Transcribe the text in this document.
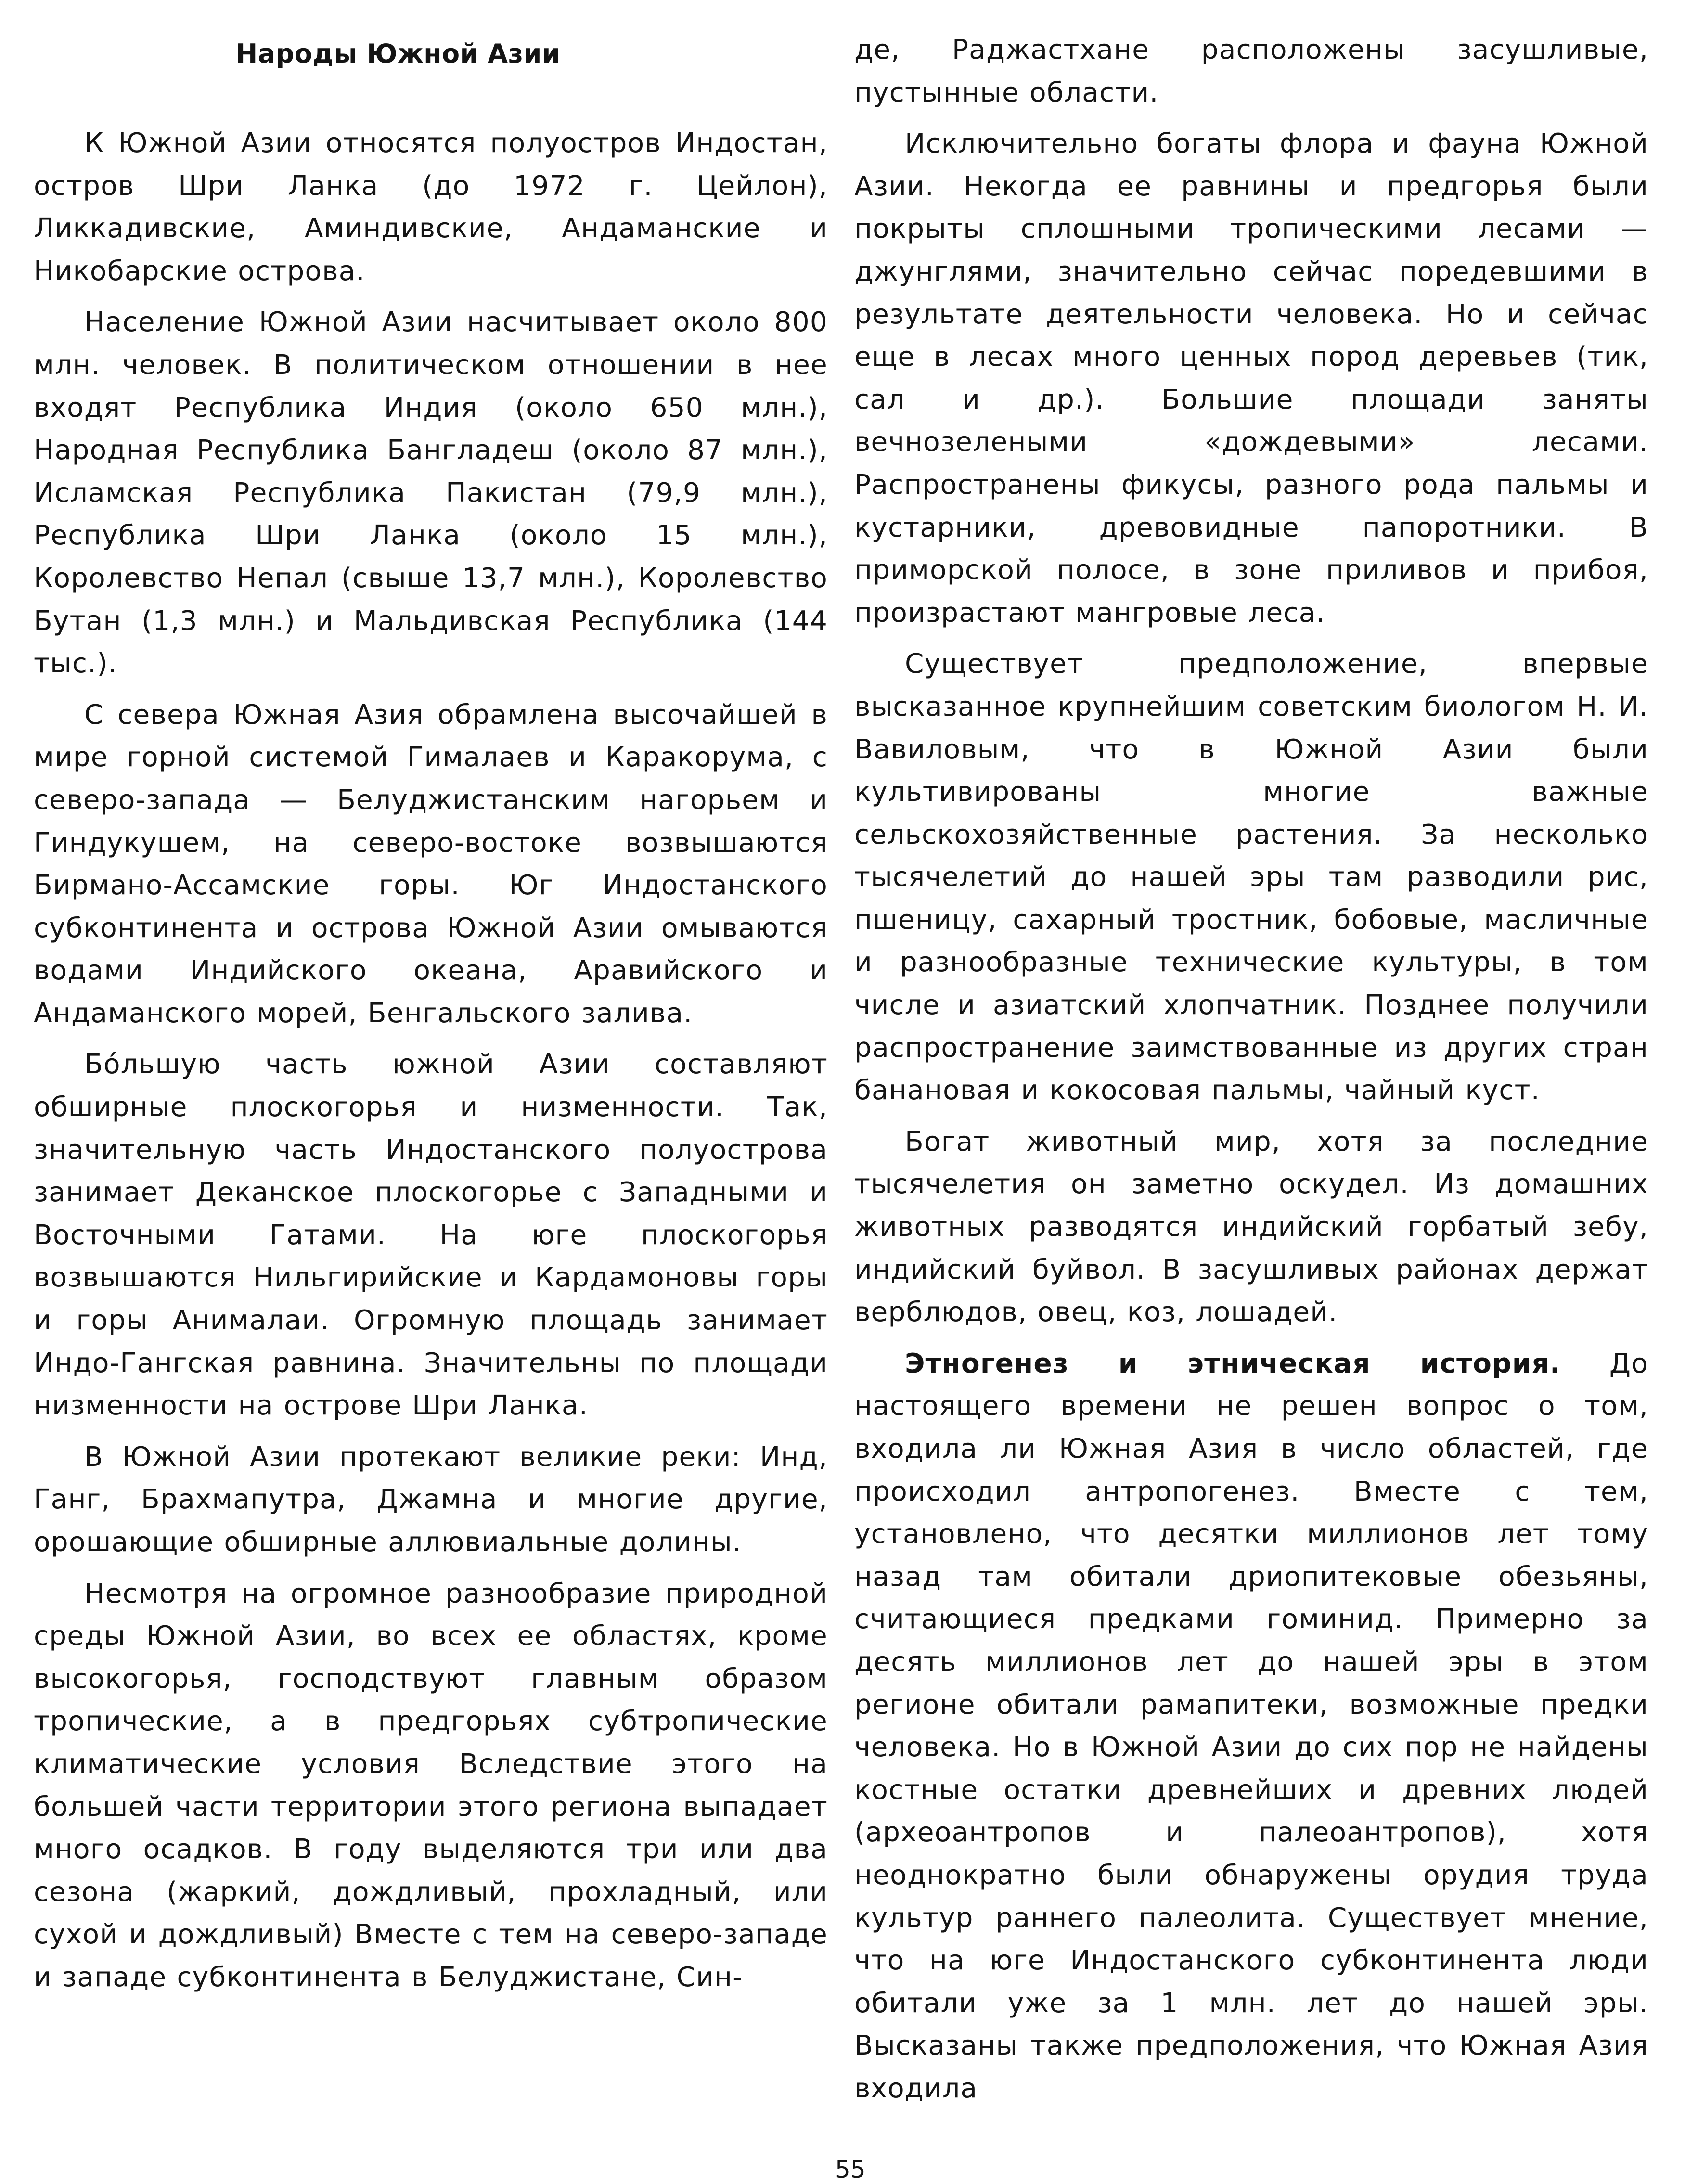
Народы Южной Азии

К Южной Азии относятся полуостров Индостан, остров Шри Ланка (до 1972 г. Цейлон), Ликкадивские, Аминдивские, Андаманские и Никобарские острова.

Население Южной Азии насчитывает около 800 млн. человек. В политическом отношении в нее входят Республика Индия (около 650 млн.), Народная Республика Бангладеш (около 87 млн.), Исламская Республика Пакистан (79,9 млн.), Республика Шри Ланка (около 15 млн.), Королевство Непал (свыше 13,7 млн.), Королевство Бутан (1,3 млн.) и Мальдивская Республика (144 тыс.).

С севера Южная Азия обрамлена высочайшей в мире горной системой Гималаев и Каракорума, с северо-запада — Белуджистанским нагорьем и Гиндукушем, на северо-востоке возвышаются Бирмано-Ассамские горы. Юг Индостанского субконтинента и острова Южной Азии омываются водами Индийского океана, Аравийского и Андаманского морей, Бенгальского залива.

Бóльшую часть южной Азии составляют обширные плоскогорья и низменности. Так, значительную часть Индостанского полуострова занимает Деканское плоскогорье с Западными и Восточными Гатами. На юге плоскогорья возвышаются Нильгирийские и Кардамоновы горы и горы Анималаи. Огромную площадь занимает Индо-Гангская равнина. Значительны по площади низменности на острове Шри Ланка.

В Южной Азии протекают великие реки: Инд, Ганг, Брахмапутра, Джамна и многие другие, орошающие обширные аллювиальные долины.

Несмотря на огромное разнообразие природной среды Южной Азии, во всех ее областях, кроме высокогорья, господствуют главным образом тропические, а в предгорьях субтропические климатические условия Вследствие этого на большей части территории этого региона выпадает много осадков. В году выделяются три или два сезона (жаркий, дождливый, прохладный, или сухой и дождливый) Вместе с тем на северо-западе и западе субконтинента в Белуджистане, Син-

де, Раджастхане расположены засушливые, пустынные области.

Исключительно богаты флора и фауна Южной Азии. Некогда ее равнины и предгорья были покрыты сплошными тропическими лесами — джунглями, значительно сейчас поредевшими в результате деятельности человека. Но и сейчас еще в лесах много ценных пород деревьев (тик, сал и др.). Большие площади заняты вечнозелеными «дождевыми» лесами. Распространены фикусы, разного рода пальмы и кустарники, древовидные папоротники. В приморской полосе, в зоне приливов и прибоя, произрастают мангровые леса.

Существует предположение, впервые высказанное крупнейшим советским биологом Н. И. Вавиловым, что в Южной Азии были культивированы многие важные сельскохозяйственные растения. За несколько тысячелетий до нашей эры там разводили рис, пшеницу, сахарный тростник, бобовые, масличные и разнообразные технические культуры, в том числе и азиатский хлопчатник. Позднее получили распространение заимствованные из других стран банановая и кокосовая пальмы, чайный куст.

Богат животный мир, хотя за последние тысячелетия он заметно оскудел. Из домашних животных разводятся индийский горбатый зебу, индийский буйвол. В засушливых районах держат верблюдов, овец, коз, лошадей.

Этногенез и этническая история. До настоящего времени не решен вопрос о том, входила ли Южная Азия в число областей, где происходил антропогенез. Вместе с тем, установлено, что десятки миллионов лет тому назад там обитали дриопитековые обезьяны, считающиеся предками гоминид. Примерно за десять миллионов лет до нашей эры в этом регионе обитали рамапитеки, возможные предки человека. Но в Южной Азии до сих пор не найдены костные остатки древнейших и древних людей (археоантропов и палеоантропов), хотя неоднократно были обнаружены орудия труда культур раннего палеолита. Существует мнение, что на юге Индостанского субконтинента люди обитали уже за 1 млн. лет до нашей эры. Высказаны также предположения, что Южная Азия входила

55
